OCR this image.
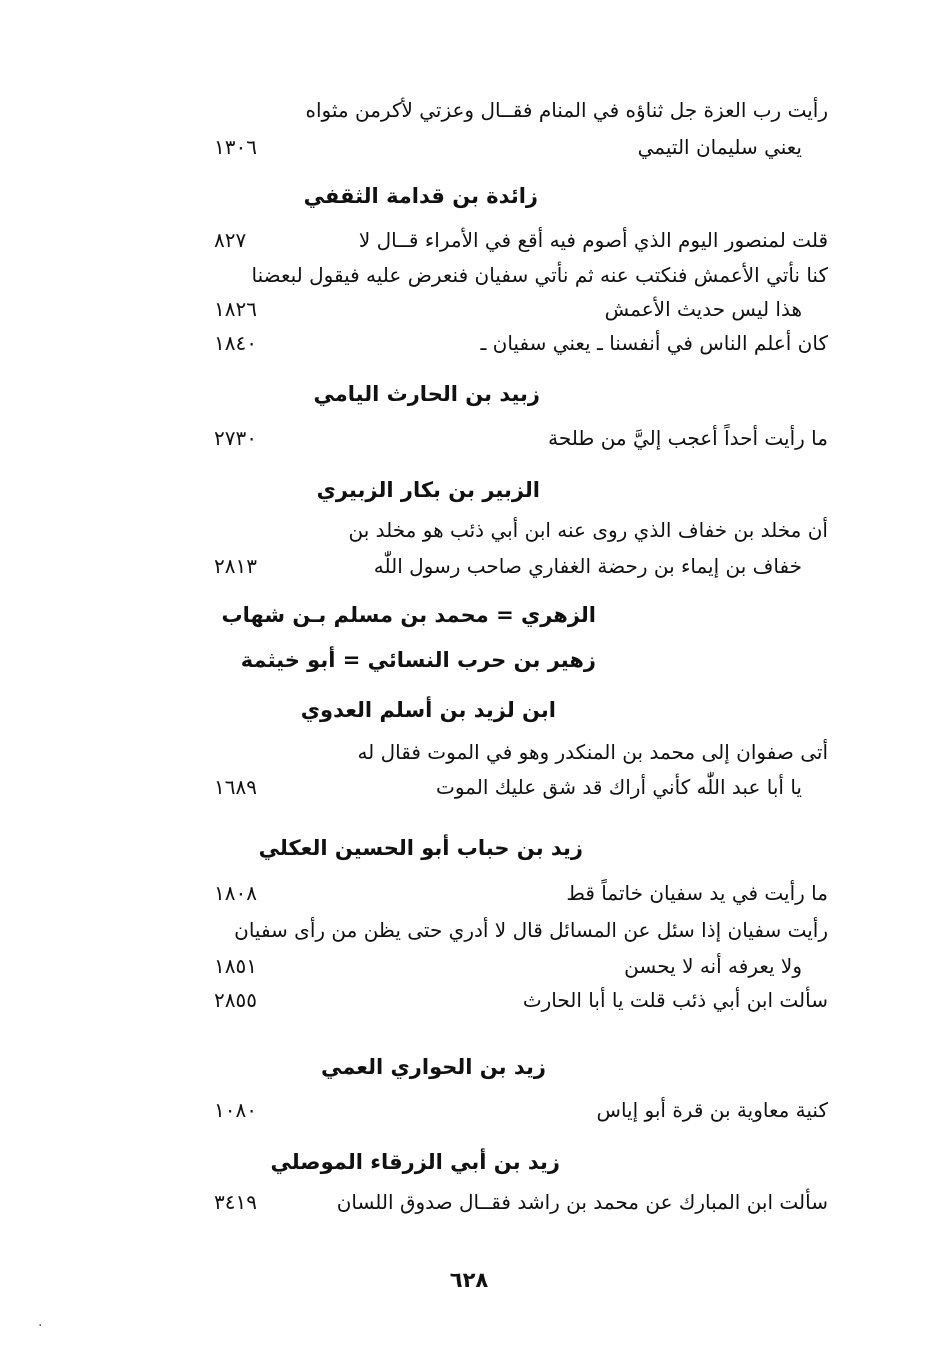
رأيت رب العزة جل ثناؤه في المنام فقــال وعزتي لأكرمن مثواه
يعني سليمان التيمي
١٣٠٦
زائدة بن قدامة الثقفي
قلت لمنصور اليوم الذي أصوم فيه أقع في الأمراء قــال لا
٨٢٧
كنا نأتي الأعمش فنكتب عنه ثم نأتي سفيان فنعرض عليه فيقول لبعضنا
هذا ليس حديث الأعمش
١٨٢٦
كان أعلم الناس في أنفسنا ـ يعني سفيان ـ
١٨٤٠
زبيد بن الحارث اليامي
ما رأيت أحداً أعجب إليَّ من طلحة
٢٧٣٠
الزبير بن بكار الزبيري
أن مخلد بن خفاف الذي روى عنه ابن أبي ذئب هو مخلد بن
خفاف بن إيماء بن رحضة الغفاري صاحب رسول اللّٰه
٢٨١٣
الزهري = محمد بن مسلم بـن شهاب
زهير بن حرب النسائي = أبو خيثمة
ابن لزيد بن أسلم العدوي
أتى صفوان إلى محمد بن المنكدر وهو في الموت فقال له
يا أبا عبد اللّٰه كأني أراك قد شق عليك الموت
١٦٨٩
زيد بن حباب أبو الحسين العكلي
ما رأيت في يد سفيان خاتماً قط
١٨٠٨
رأيت سفيان إذا سئل عن المسائل قال لا أدري حتى يظن من رأى سفيان
ولا يعرفه أنه لا يحسن
١٨٥١
سألت ابن أبي ذئب قلت يا أبا الحارث
٢٨٥٥
زيد بن الحواري العمي
كنية معاوية بن قرة أبو إياس
١٠٨٠
زيد بن أبي الزرقاء الموصلي
سألت ابن المبارك عن محمد بن راشد فقــال صدوق اللسان
٣٤١٩
٦٢٨
·
